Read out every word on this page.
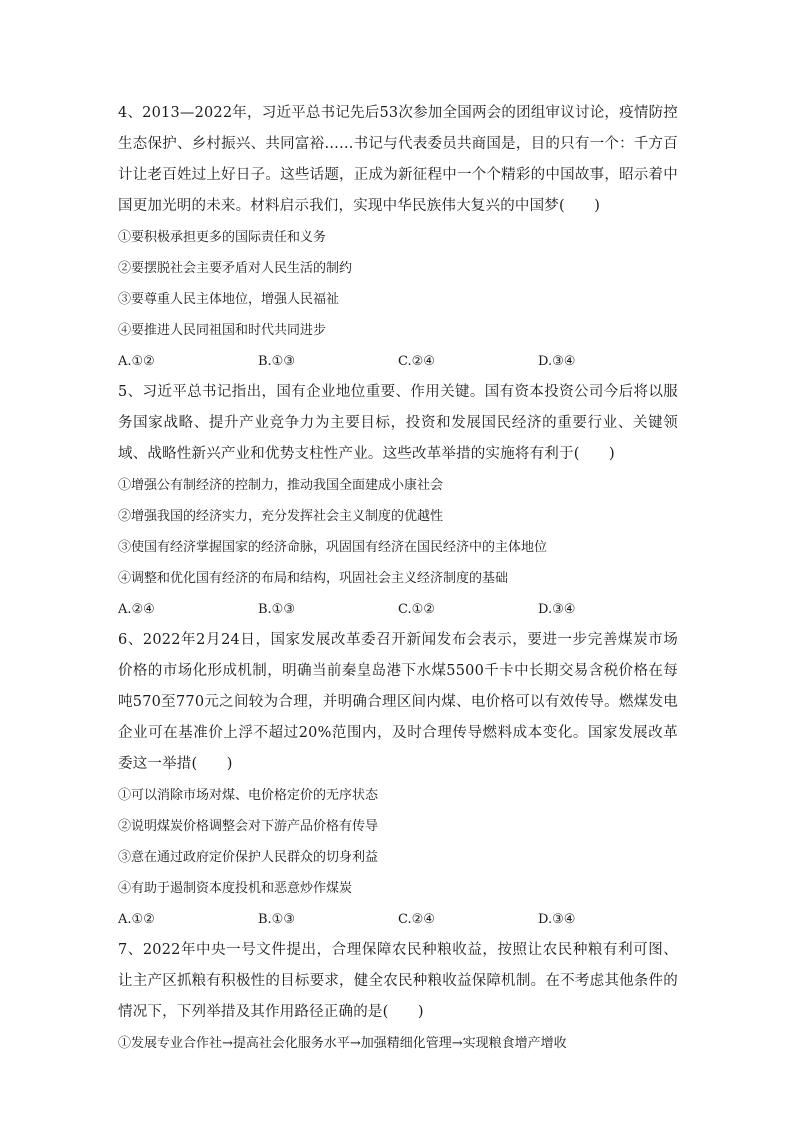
4、2013—2022年，习近平总书记先后53次参加全国两会的团组审议讨论，疫情防控生态保护、乡村振兴、共同富裕……书记与代表委员共商国是，目的只有一个：千方百计让老百姓过上好日子。这些话题，正成为新征程中一个个精彩的中国故事，昭示着中国更加光明的未来。材料启示我们，实现中华民族伟大复兴的中国梦(　　)

①要积极承担更多的国际责任和义务

②要摆脱社会主要矛盾对人民生活的制约

③要尊重人民主体地位，增强人民福祉

④要推进人民同祖国和时代共同进步

A.①②	B.①③	C.②④	D.③④

5、习近平总书记指出，国有企业地位重要、作用关键。国有资本投资公司今后将以服务国家战略、提升产业竞争力为主要目标，投资和发展国民经济的重要行业、关键领域、战略性新兴产业和优势支柱性产业。这些改革举措的实施将有利于(　　)

①增强公有制经济的控制力，推动我国全面建成小康社会

②增强我国的经济实力，充分发挥社会主义制度的优越性

③使国有经济掌握国家的经济命脉，巩固国有经济在国民经济中的主体地位

④调整和优化国有经济的布局和结构，巩固社会主义经济制度的基础

A.②④	B.①③	C.①②	D.③④

6、2022年2月24日，国家发展改革委召开新闻发布会表示，要进一步完善煤炭市场价格的市场化形成机制，明确当前秦皇岛港下水煤5500千卡中长期交易含税价格在每吨570至770元之间较为合理，并明确合理区间内煤、电价格可以有效传导。燃煤发电企业可在基准价上浮不超过20%范围内，及时合理传导燃料成本变化。国家发展改革委这一举措(　　)

①可以消除市场对煤、电价格定价的无序状态

②说明煤炭价格调整会对下游产品价格有传导

③意在通过政府定价保护人民群众的切身利益

④有助于遏制资本度投机和恶意炒作煤炭

A.①②	B.①③	C.②④	D.③④

7、2022年中央一号文件提出，合理保障农民种粮收益，按照让农民种粮有利可图、让主产区抓粮有积极性的目标要求，健全农民种粮收益保障机制。在不考虑其他条件的情况下，下列举措及其作用路径正确的是(　　)

①发展专业合作社→提高社会化服务水平→加强精细化管理→实现粮食增产增收
